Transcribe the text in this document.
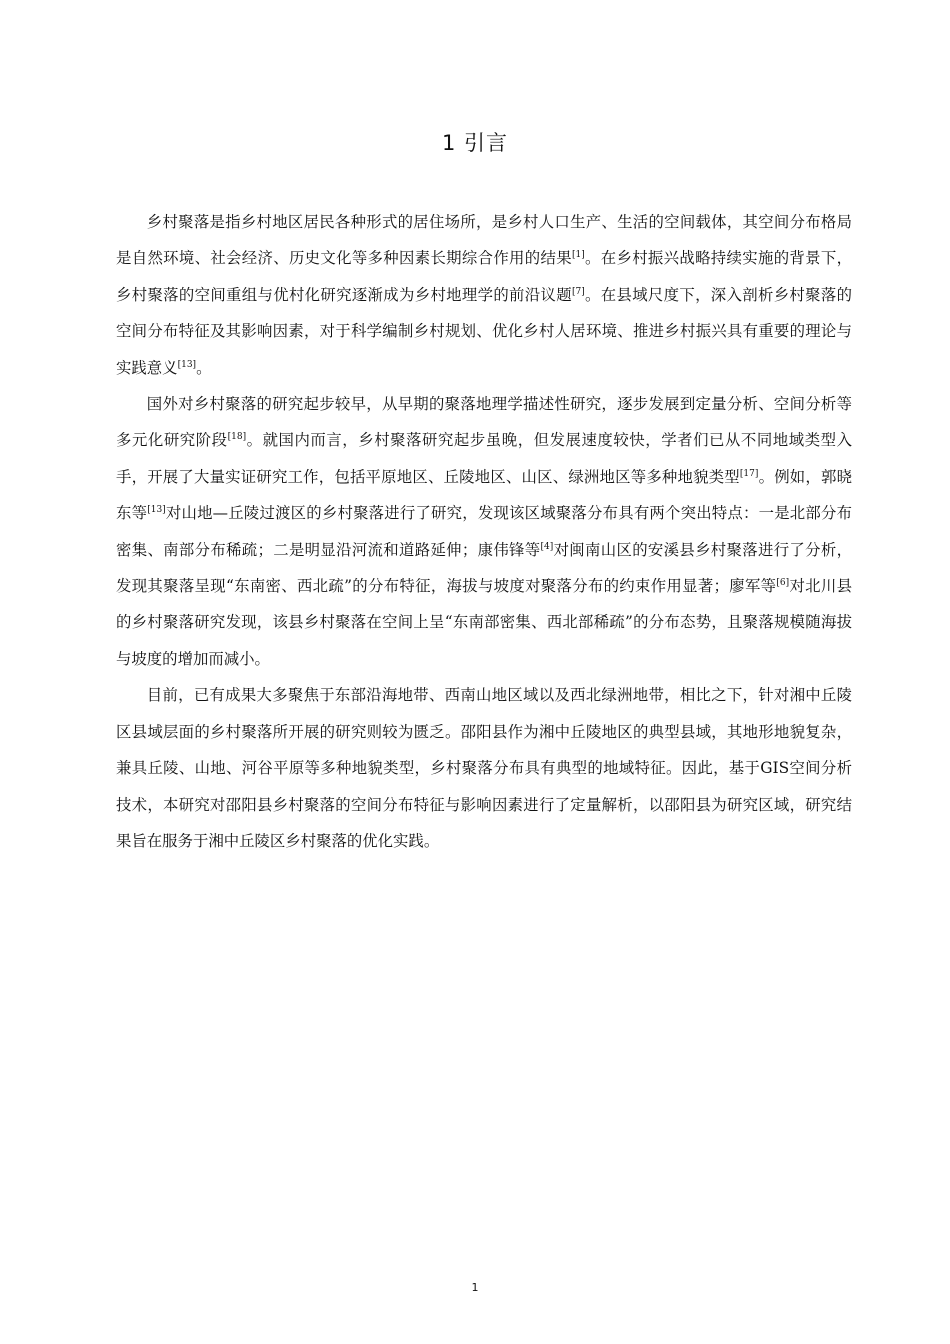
1 引言

乡村聚落是指乡村地区居民各种形式的居住场所，是乡村人口生产、生活的空间载体，其空间分布格局是自然环境、社会经济、历史文化等多种因素长期综合作用的结果[1]。在乡村振兴战略持续实施的背景下，乡村聚落的空间重组与优村化研究逐渐成为乡村地理学的前沿议题[7]。在县域尺度下，深入剖析乡村聚落的空间分布特征及其影响因素，对于科学编制乡村规划、优化乡村人居环境、推进乡村振兴具有重要的理论与实践意义[13]。

国外对乡村聚落的研究起步较早，从早期的聚落地理学描述性研究，逐步发展到定量分析、空间分析等多元化研究阶段[18]。就国内而言，乡村聚落研究起步虽晚，但发展速度较快，学者们已从不同地域类型入手，开展了大量实证研究工作，包括平原地区、丘陵地区、山区、绿洲地区等多种地貌类型[17]。例如，郭晓东等[13]对山地—丘陵过渡区的乡村聚落进行了研究，发现该区域聚落分布具有两个突出特点：一是北部分布密集、南部分布稀疏；二是明显沿河流和道路延伸；康伟锋等[4]对闽南山区的安溪县乡村聚落进行了分析，发现其聚落呈现“东南密、西北疏”的分布特征，海拔与坡度对聚落分布的约束作用显著；廖军等[6]对北川县的乡村聚落研究发现，该县乡村聚落在空间上呈“东南部密集、西北部稀疏”的分布态势，且聚落规模随海拔与坡度的增加而减小。

目前，已有成果大多聚焦于东部沿海地带、西南山地区域以及西北绿洲地带，相比之下，针对湘中丘陵区县域层面的乡村聚落所开展的研究则较为匮乏。邵阳县作为湘中丘陵地区的典型县域，其地形地貌复杂，兼具丘陵、山地、河谷平原等多种地貌类型，乡村聚落分布具有典型的地域特征。因此，基于GIS空间分析技术，本研究对邵阳县乡村聚落的空间分布特征与影响因素进行了定量解析，以邵阳县为研究区域，研究结果旨在服务于湘中丘陵区乡村聚落的优化实践。

1
